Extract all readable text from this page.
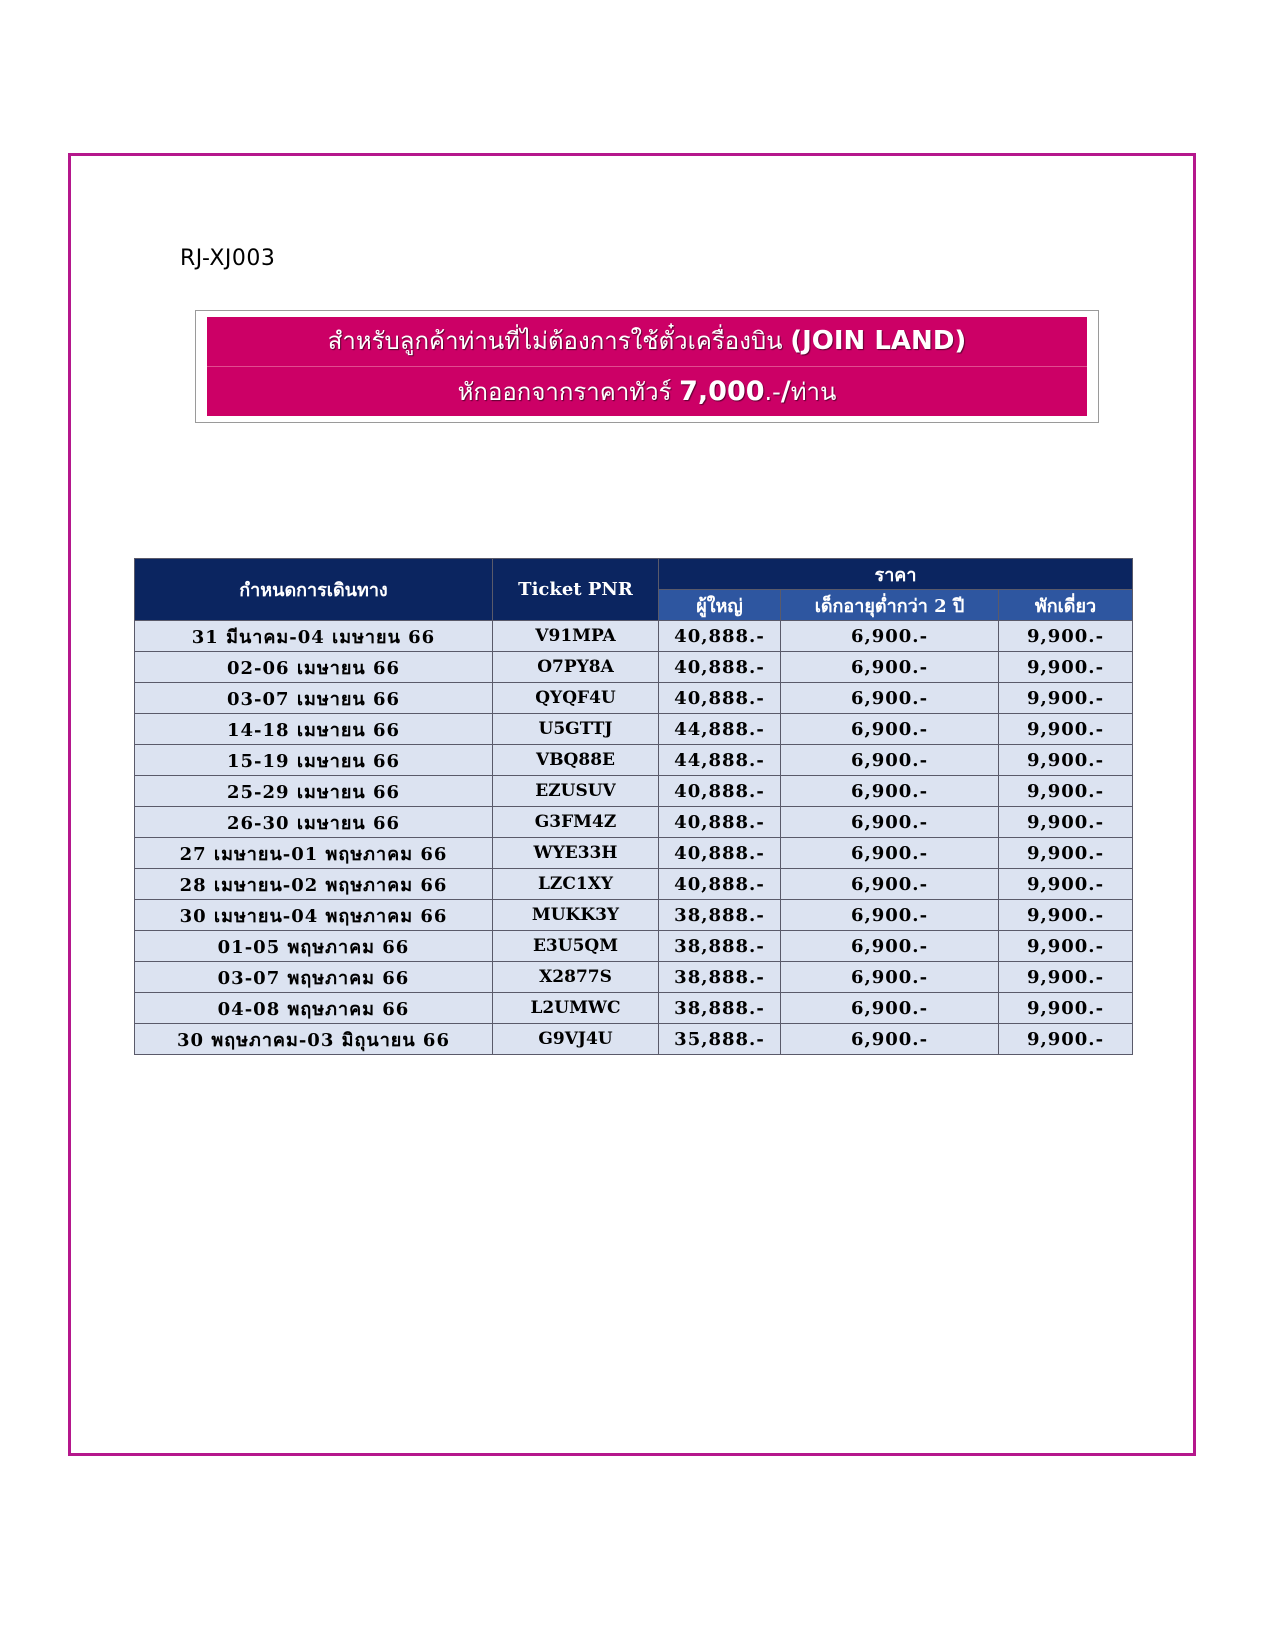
RJ-XJ003
สำหรับลูกค้าท่านที่ไม่ต้องการใช้ตั๋วเครื่องบิน (JOIN LAND)
หักออกจากราคาทัวร์ 7,000.-/ท่าน
กำหนดการเดินทาง	Ticket PNR	ราคา		
		ผู้ใหญ่	เด็กอายุต่ำกว่า 2 ปี	พักเดี่ยว
31 มีนาคม-04 เมษายน 66	V91MPA	40,888.-	6,900.-	9,900.-
02-06 เมษายน 66	O7PY8A	40,888.-	6,900.-	9,900.-
03-07 เมษายน 66	QYQF4U	40,888.-	6,900.-	9,900.-
14-18 เมษายน 66	U5GTTJ	44,888.-	6,900.-	9,900.-
15-19 เมษายน 66	VBQ88E	44,888.-	6,900.-	9,900.-
25-29 เมษายน 66	EZUSUV	40,888.-	6,900.-	9,900.-
26-30 เมษายน 66	G3FM4Z	40,888.-	6,900.-	9,900.-
27 เมษายน-01 พฤษภาคม 66	WYE33H	40,888.-	6,900.-	9,900.-
28 เมษายน-02 พฤษภาคม 66	LZC1XY	40,888.-	6,900.-	9,900.-
30 เมษายน-04 พฤษภาคม 66	MUKK3Y	38,888.-	6,900.-	9,900.-
01-05 พฤษภาคม 66	E3U5QM	38,888.-	6,900.-	9,900.-
03-07 พฤษภาคม 66	X2877S	38,888.-	6,900.-	9,900.-
04-08 พฤษภาคม 66	L2UMWC	38,888.-	6,900.-	9,900.-
30 พฤษภาคม-03 มิถุนายน 66	G9VJ4U	35,888.-	6,900.-	9,900.-
